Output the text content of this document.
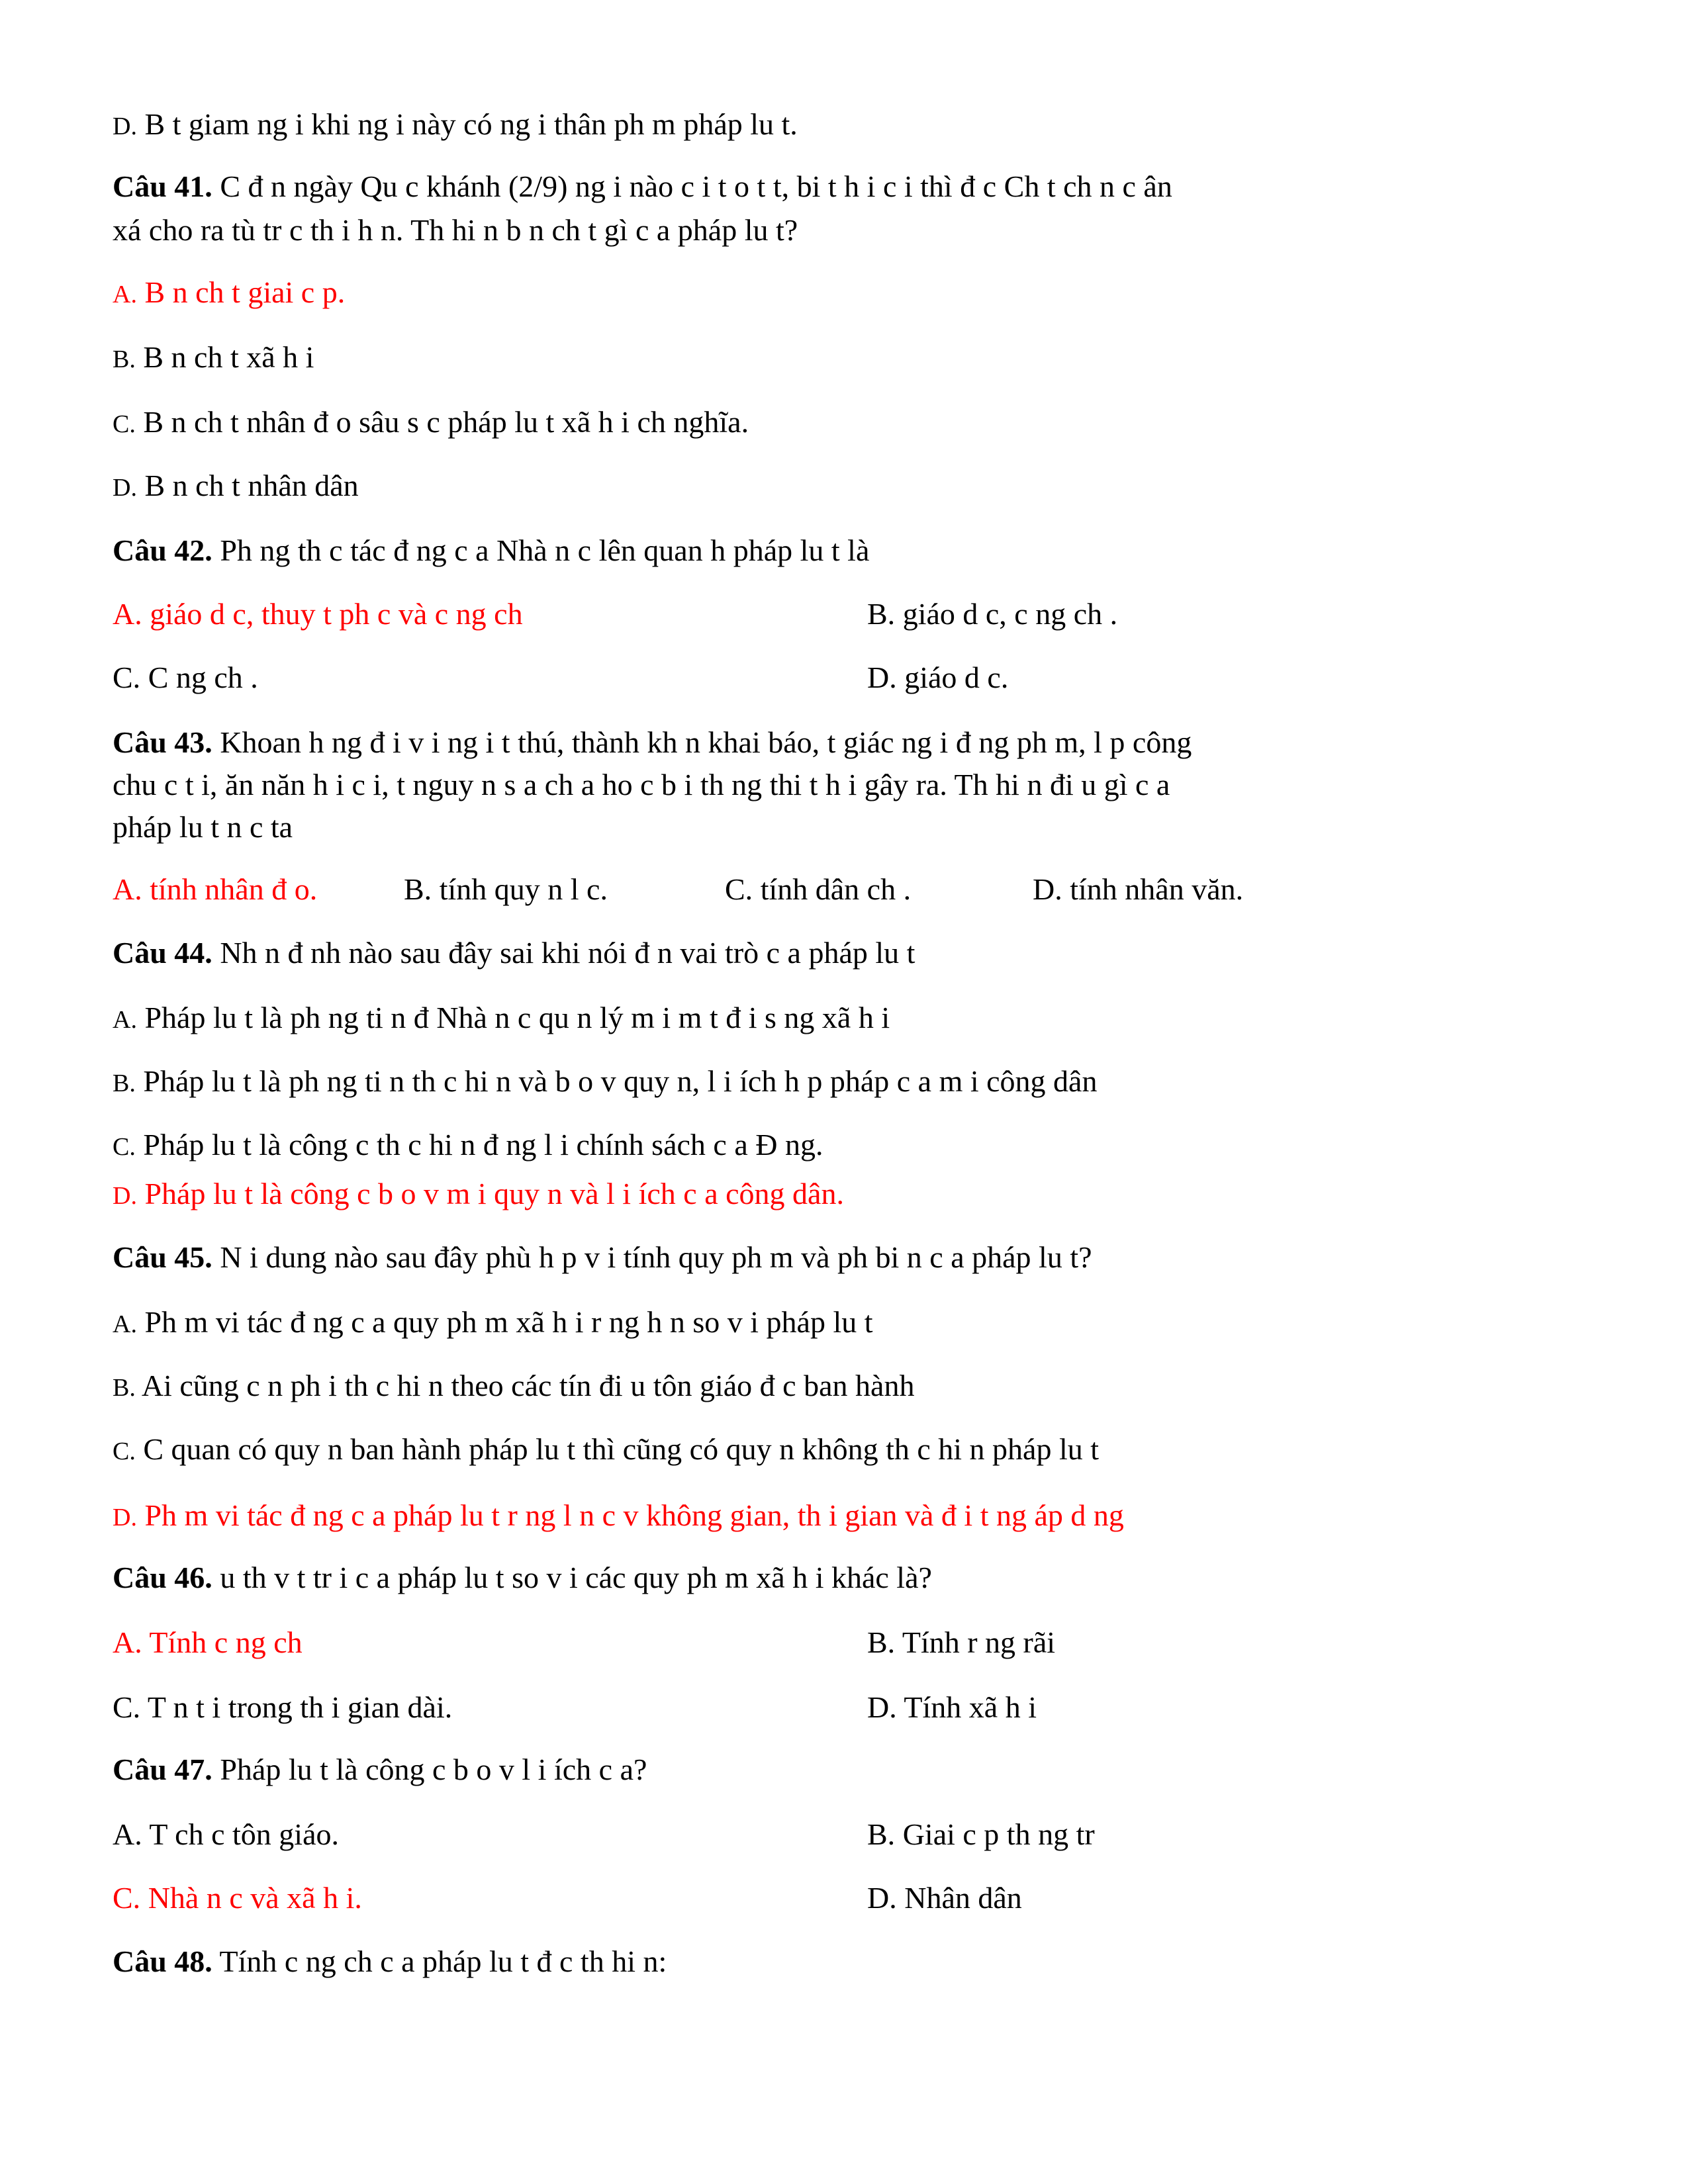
D. B t giam ng i khi ng i này có ng i thân ph m pháp lu t.
Câu 41. C đ n ngày Qu c khánh (2/9) ng i nào c i t o t t, bi t h i c i thì đ c Ch t ch n c ân
xá cho ra tù tr c th i h n. Th hi n b n ch t gì c a pháp lu t?
A. B n ch t giai c p.
B. B n ch t xã h i
C. B n ch t nhân đ o sâu s c pháp lu t xã h i ch nghĩa.
D. B n ch t nhân dân
Câu 42. Ph ng th c tác đ ng c a Nhà n c lên quan h pháp lu t là
A. giáo d c, thuy t ph c và c ng ch	B. giáo d c, c ng ch .
C. C ng ch .	D. giáo d c.
Câu 43. Khoan h ng đ i v i ng i t thú, thành kh n khai báo, t giác ng i đ ng ph m, l p công
chu c t i, ăn năn h i c i, t nguy n s a ch a ho c b i th ng thi t h i gây ra. Th hi n đi u gì c a
pháp lu t n c ta
A. tính nhân đ o.	B. tính quy n l c.	C. tính dân ch .	D. tính nhân văn.
Câu 44. Nh n đ nh nào sau đây sai khi nói đ n vai trò c a pháp lu t
A. Pháp lu t là ph ng ti n đ Nhà n c qu n lý m i m t đ i s ng xã h i
B. Pháp lu t là ph ng ti n th c hi n và b o v quy n, l i ích h p pháp c a m i công dân
C. Pháp lu t là công c th c hi n đ ng l i chính sách c a Đ ng.
D. Pháp lu t là công c b o v m i quy n và l i ích c a công dân.
Câu 45. N i dung nào sau đây phù h p v i tính quy ph m và ph bi n c a pháp lu t?
A. Ph m vi tác đ ng c a quy ph m xã h i r ng h n so v i pháp lu t
B. Ai cũng c n ph i th c hi n theo các tín đi u tôn giáo đ c ban hành
C. C quan có quy n ban hành pháp lu t thì cũng có quy n không th c hi n pháp lu t
D. Ph m vi tác đ ng c a pháp lu t r ng l n c v không gian, th i gian và đ i t ng áp d ng
Câu 46. u th v t tr i c a pháp lu t so v i các quy ph m xã h i khác là?
A. Tính c ng ch	B. Tính r ng rãi
C. T n t i trong th i gian dài.	D. Tính xã h i
Câu 47. Pháp lu t là công c b o v l i ích c a?
A. T ch c tôn giáo.	B. Giai c p th ng tr
C. Nhà n c và xã h i.	D. Nhân dân
Câu 48. Tính c ng ch c a pháp lu t đ c th hi n:
